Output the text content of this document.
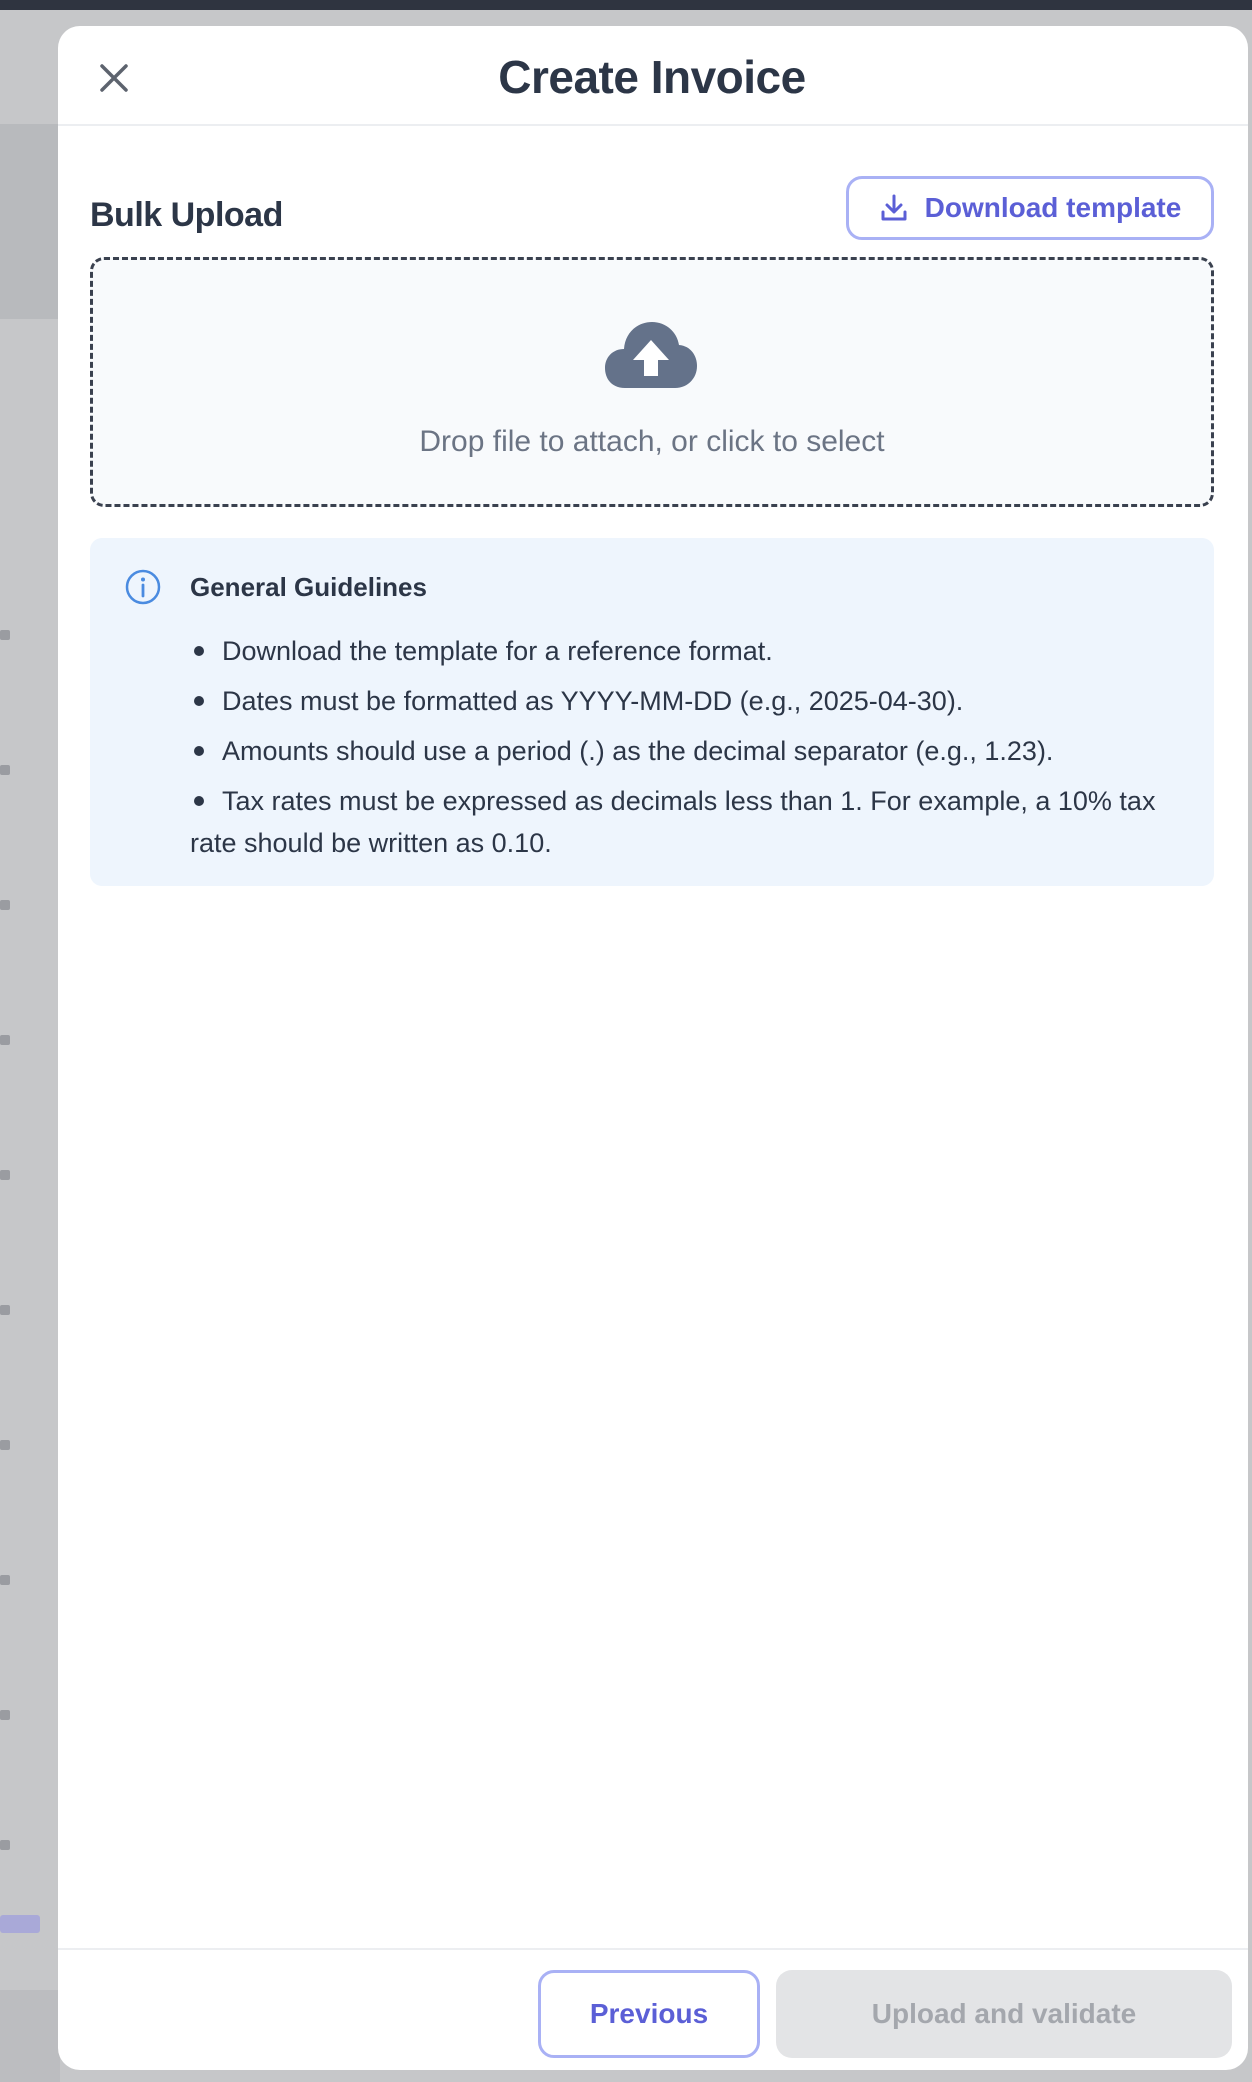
Create Invoice
Bulk Upload	Download template
Drop file to attach, or click to select
General Guidelines
Download the template for a reference format.
Dates must be formatted as YYYY-MM-DD (e.g., 2025-04-30).
Amounts should use a period (.) as the decimal separator (e.g., 1.23).
Tax rates must be expressed as decimals less than 1. For example, a 10% tax rate should be written as 0.10.
Previous	Upload and validate
